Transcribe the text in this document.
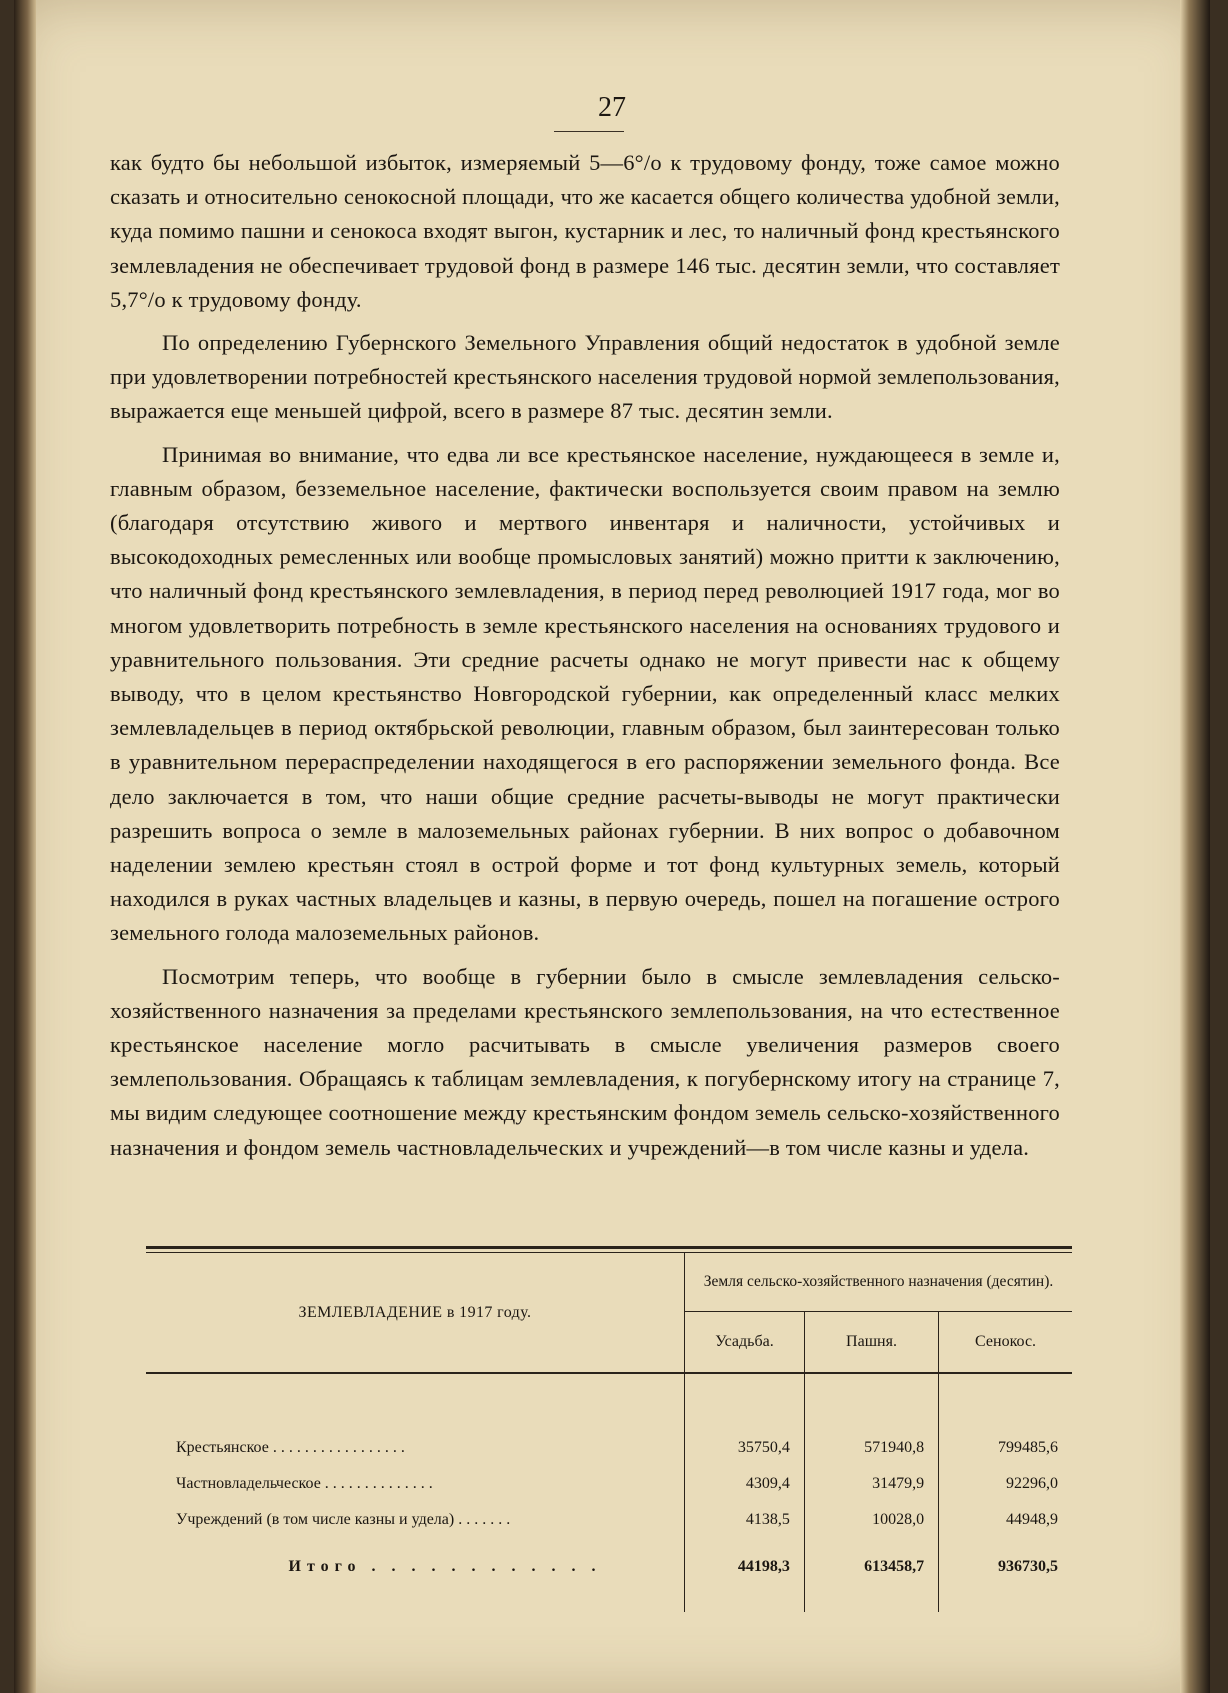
27

как будто бы небольшой избыток, измеряемый 5—6°/о к трудовому фонду, тоже самое можно сказать и относительно сенокосной площади, что же касается общего количества удобной земли, куда помимо пашни и сенокоса входят выгон, кустарник и лес, то наличный фонд крестьянского землевладения не обеспечивает трудовой фонд в размере 146 тыс. десятин земли, что составляет 5,7°/о к трудовому фонду.

По определению Губернского Земельного Управления общий недостаток в удобной земле при удовлетворении потребностей крестьянского населения трудовой нормой землепользования, выражается еще меньшей цифрой, всего в размере 87 тыс. десятин земли.

Принимая во внимание, что едва ли все крестьянское население, нуждающееся в земле и, главным образом, безземельное население, фактически воспользуется своим правом на землю (благодаря отсутствию живого и мертвого инвентаря и наличности, устойчивых и высокодоходных ремесленных или вообще промысловых занятий) можно притти к заключению, что наличный фонд крестьянского землевладения, в период перед революцией 1917 года, мог во многом удовлетворить потребность в земле крестьянского населения на основаниях трудового и уравнительного пользования. Эти средние расчеты однако не могут привести нас к общему выводу, что в целом крестьянство Новгородской губернии, как определенный класс мелких землевладельцев в период октябрьской революции, главным образом, был заинтересован только в уравнительном перераспределении находящегося в его распоряжении земельного фонда. Все дело заключается в том, что наши общие средние расчеты-выводы не могут практически разрешить вопроса о земле в малоземельных районах губернии. В них вопрос о добавочном наделении землею крестьян стоял в острой форме и тот фонд культурных земель, который находился в руках частных владельцев и казны, в первую очередь, пошел на погашение острого земельного голода малоземельных районов.

Посмотрим теперь, что вообще в губернии было в смысле землевладения сельско-хозяйственного назначения за пределами крестьянского землепользования, на что естественное крестьянское население могло расчитывать в смысле увеличения размеров своего землепользования. Обращаясь к таблицам землевладения, к погубернскому итогу на странице 7, мы видим следующее соотношение между крестьянским фондом земель сельско-хозяйственного назначения и фондом земель частновладельческих и учреждений—в том числе казны и удела.

ЗЕМЛЕВЛАДЕНИЕ в 1917 году.	Земля сельско-хозяйственного назначения (десятин).		
	Усадьба.	Пашня.	Сенокос.

Крестьянское . . . . . . . . . . . . . . . . .	35750,4	571940,8	799485,6
Частновладельческое . . . . . . . . . . . . . .	4309,4	31479,9	92296,0
Учреждений (в том числе казны и удела) . . . . . . .	4138,5	10028,0	44948,9
Итого . . . . . . . . . . . .	44198,3	613458,7	936730,5
